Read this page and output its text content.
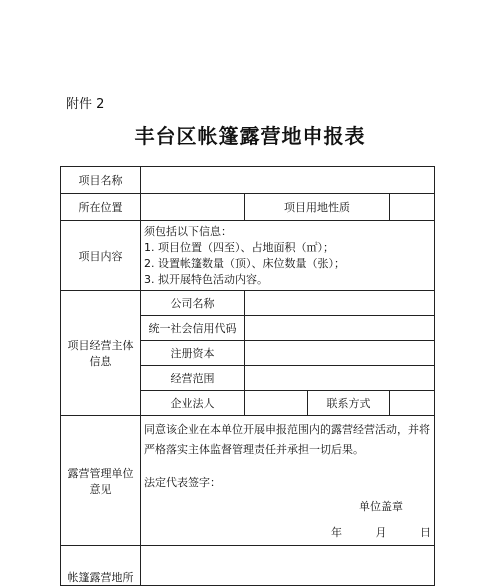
附件 2
丰台区帐篷露营地申报表
项目名称				
所在位置		项目用地性质		
项目内容	须包括以下信息：
1. 项目位置（四至）、占地面积（㎡）；
2. 设置帐篷数量（顶）、床位数量（张）；
3. 拟开展特色活动内容。			

项目经营主体信息	公司名称			
	统一社会信用代码			
	注册资本			
	经营范围			
	企业法人		联系方式	
露营管理单位意见	同意该企业在本单位开展申报范围内的露营经营活动，并将严格落实主体监督管理责任并承担一切后果。
法定代表签字：
单位盖章
年 月 日			

帐篷露营地所				
